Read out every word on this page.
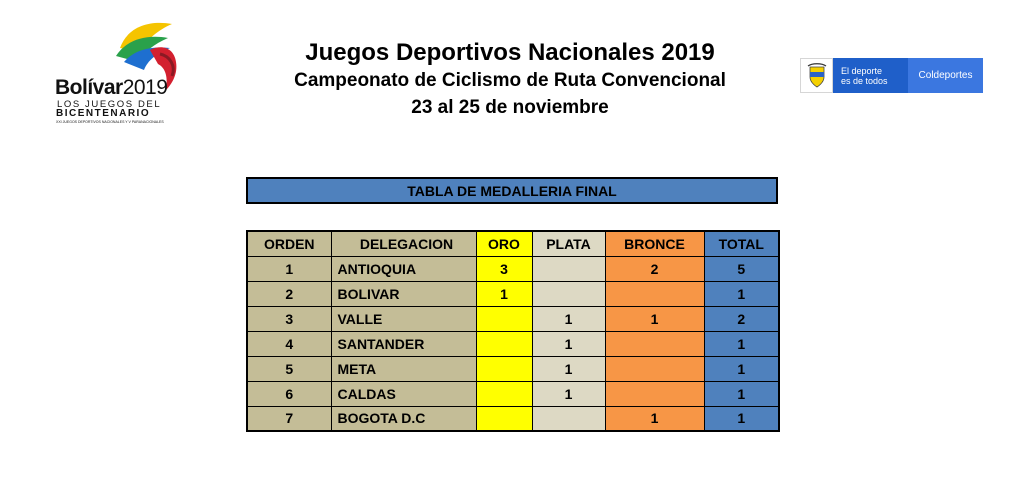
Bolívar2019
LOS JUEGOS DEL
BICENTENARIO
XXI JUEGOS DEPORTIVOS NACIONALES Y V PARANACIONALES
Juegos Deportivos Nacionales 2019
Campeonato de Ciclismo de Ruta Convencional
23 al 25 de noviembre
El deporte
es de todos	Coldeportes
TABLA DE MEDALLERIA FINAL
ORDEN	DELEGACION	ORO	PLATA	BRONCE	TOTAL
1	ANTIOQUIA	3		2	5
2	BOLIVAR	1			1
3	VALLE		1	1	2
4	SANTANDER		1		1
5	META		1		1
6	CALDAS		1		1
7	BOGOTA D.C			1	1
